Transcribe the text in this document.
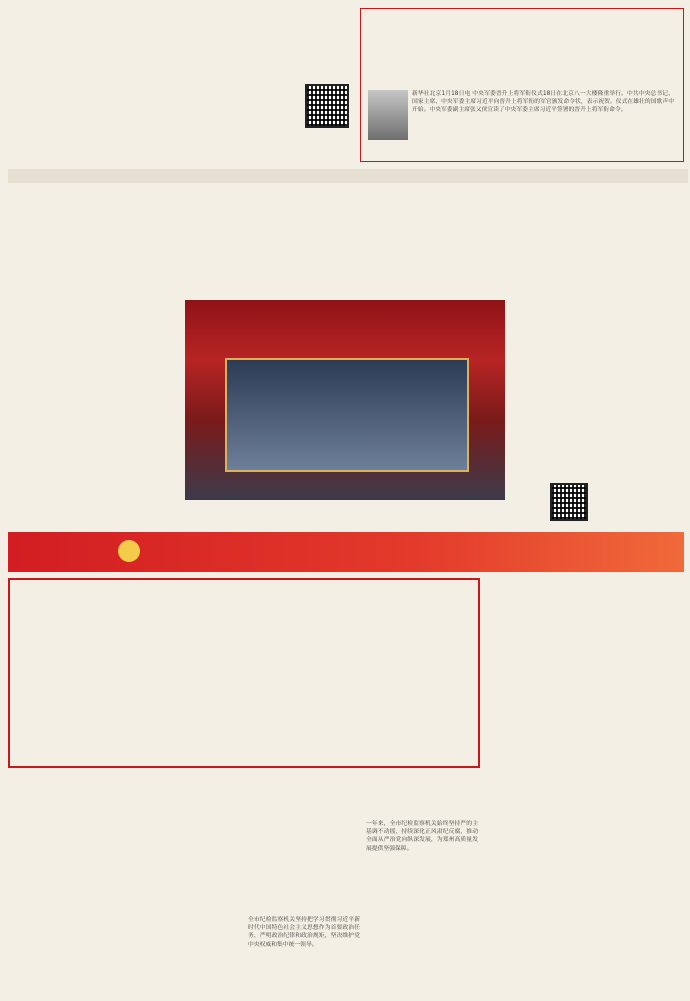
新华社北京1月18日电 中央军委晋升上将军衔仪式18日在北京八一大楼隆重举行。中共中央总书记、国家主席、中央军委主席习近平向晋升上将军衔的军官颁发命令状，表示祝贺。仪式在雄壮的国歌声中开始。中央军委副主席张又侠宣读了中央军委主席习近平签署的晋升上将军衔命令。
全市纪检监察机关坚持把学习贯彻习近平新时代中国特色社会主义思想作为首要政治任务，严明政治纪律和政治规矩，坚决维护党中央权威和集中统一领导。
一年来，全市纪检监察机关始终坚持严的主基调不动摇，持续深化正风肃纪反腐，推动全面从严治党向纵深发展，为郑州高质量发展提供坚强保障。
